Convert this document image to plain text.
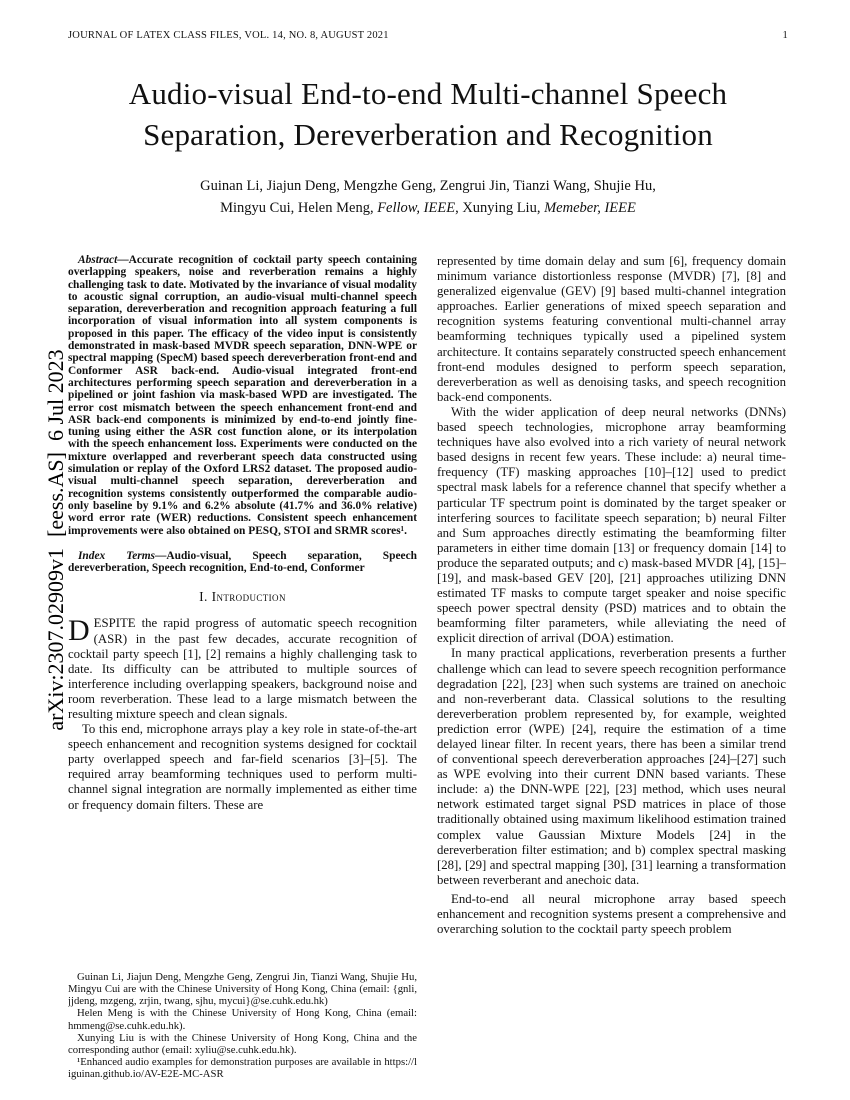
JOURNAL OF LATEX CLASS FILES, VOL. 14, NO. 8, AUGUST 2021	1

arXiv:2307.02909v1  [eess.AS]  6 Jul 2023

Audio-visual End-to-end Multi-channel Speech
Separation, Dereverberation and Recognition
Guinan Li, Jiajun Deng, Mengzhe Geng, Zengrui Jin, Tianzi Wang, Shujie Hu,
Mingyu Cui, Helen Meng, Fellow, IEEE, Xunying Liu, Memeber, IEEE

Abstract—Accurate recognition of cocktail party speech containing overlapping speakers, noise and reverberation remains a highly challenging task to date. Motivated by the invariance of visual modality to acoustic signal corruption, an audio-visual multi-channel speech separation, dereverberation and recognition approach featuring a full incorporation of visual information into all system components is proposed in this paper. The efficacy of the video input is consistently demonstrated in mask-based MVDR speech separation, DNN-WPE or spectral mapping (SpecM) based speech dereverberation front-end and Conformer ASR back-end. Audio-visual integrated front-end architectures performing speech separation and dereverberation in a pipelined or joint fashion via mask-based WPD are investigated. The error cost mismatch between the speech enhancement front-end and ASR back-end components is minimized by end-to-end jointly fine-tuning using either the ASR cost function alone, or its interpolation with the speech enhancement loss. Experiments were conducted on the mixture overlapped and reverberant speech data constructed using simulation or replay of the Oxford LRS2 dataset. The proposed audio-visual multi-channel speech separation, dereverberation and recognition systems consistently outperformed the comparable audio-only baseline by 9.1% and 6.2% absolute (41.7% and 36.0% relative) word error rate (WER) reductions. Consistent speech enhancement improvements were also obtained on PESQ, STOI and SRMR scores¹.

Index Terms—Audio-visual, Speech separation, Speech dereverberation, Speech recognition, End-to-end, Conformer

I. Introduction

DESPITE the rapid progress of automatic speech recognition (ASR) in the past few decades, accurate recognition of cocktail party speech [1], [2] remains a highly challenging task to date. Its difficulty can be attributed to multiple sources of interference including overlapping speakers, background noise and room reverberation. These lead to a large mismatch between the resulting mixture speech and clean signals.

To this end, microphone arrays play a key role in state-of-the-art speech enhancement and recognition systems designed for cocktail party overlapped speech and far-field scenarios [3]–[5]. The required array beamforming techniques used to perform multi-channel signal integration are normally implemented as either time or frequency domain filters. These are

Guinan Li, Jiajun Deng, Mengzhe Geng, Zengrui Jin, Tianzi Wang, Shujie Hu, Mingyu Cui are with the Chinese University of Hong Kong, China (email: {gnli, jjdeng, mzgeng, zrjin, twang, sjhu, mycui}@se.cuhk.edu.hk)

Helen Meng is with the Chinese University of Hong Kong, China (email: hmmeng@se.cuhk.edu.hk).

Xunying Liu is with the Chinese University of Hong Kong, China and the corresponding author (email: xyliu@se.cuhk.edu.hk).

¹Enhanced audio examples for demonstration purposes are available in https://liguinan.github.io/AV-E2E-MC-ASR

represented by time domain delay and sum [6], frequency domain minimum variance distortionless response (MVDR) [7], [8] and generalized eigenvalue (GEV) [9] based multi-channel integration approaches. Earlier generations of mixed speech separation and recognition systems featuring conventional multi-channel array beamforming techniques typically used a pipelined system architecture. It contains separately constructed speech enhancement front-end modules designed to perform speech separation, dereverberation as well as denoising tasks, and speech recognition back-end components.

With the wider application of deep neural networks (DNNs) based speech technologies, microphone array beamforming techniques have also evolved into a rich variety of neural network based designs in recent few years. These include: a) neural time-frequency (TF) masking approaches [10]–[12] used to predict spectral mask labels for a reference channel that specify whether a particular TF spectrum point is dominated by the target speaker or interfering sources to facilitate speech separation; b) neural Filter and Sum approaches directly estimating the beamforming filter parameters in either time domain [13] or frequency domain [14] to produce the separated outputs; and c) mask-based MVDR [4], [15]–[19], and mask-based GEV [20], [21] approaches utilizing DNN estimated TF masks to compute target speaker and noise specific speech power spectral density (PSD) matrices and to obtain the beamforming filter parameters, while alleviating the need of explicit direction of arrival (DOA) estimation.

In many practical applications, reverberation presents a further challenge which can lead to severe speech recognition performance degradation [22], [23] when such systems are trained on anechoic and non-reverberant data. Classical solutions to the resulting dereverberation problem represented by, for example, weighted prediction error (WPE) [24], require the estimation of a time delayed linear filter. In recent years, there has been a similar trend of conventional speech dereverberation approaches [24]–[27] such as WPE evolving into their current DNN based variants. These include: a) the DNN-WPE [22], [23] method, which uses neural network estimated target signal PSD matrices in place of those traditionally obtained using maximum likelihood estimation trained complex value Gaussian Mixture Models [24] in the dereverberation filter estimation; and b) complex spectral masking [28], [29] and spectral mapping [30], [31] learning a transformation between reverberant and anechoic data.

End-to-end all neural microphone array based speech enhancement and recognition systems present a comprehensive and overarching solution to the cocktail party speech problem
